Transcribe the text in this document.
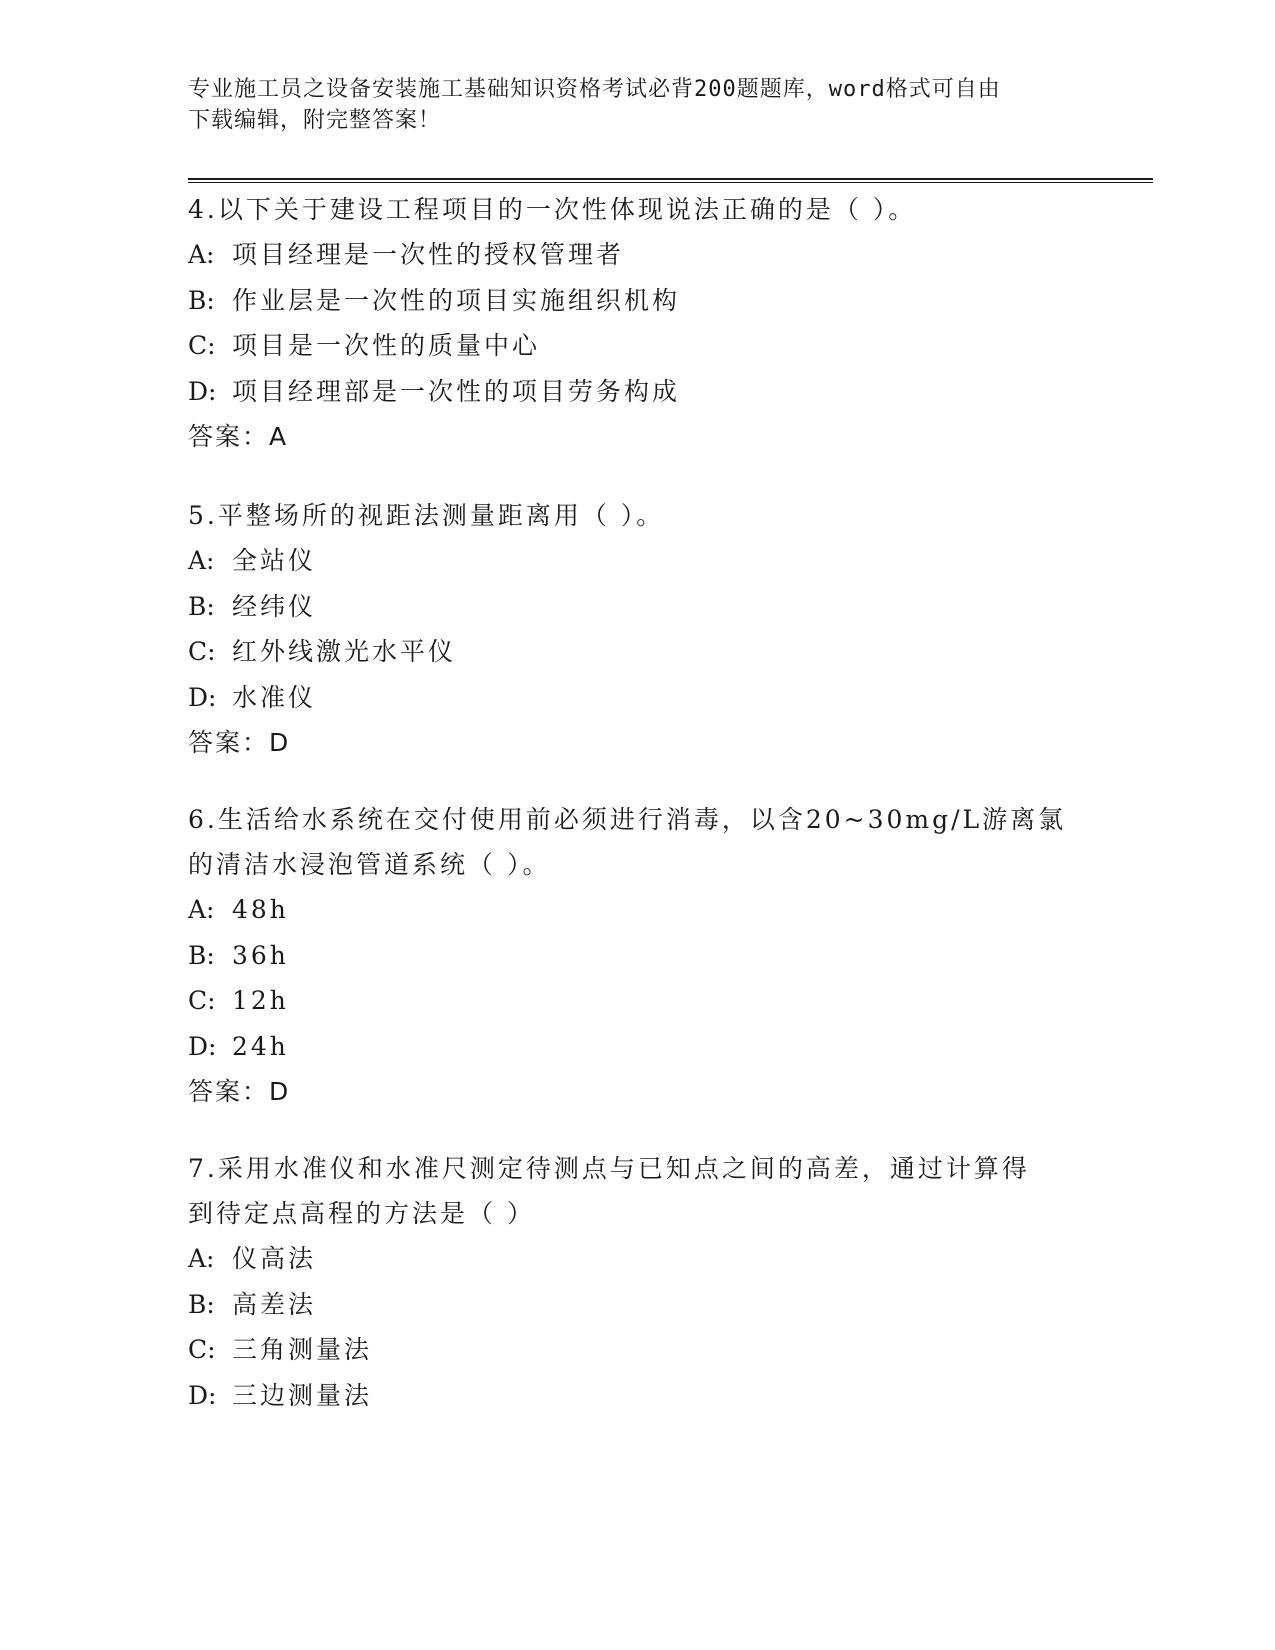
专业施工员之设备安装施工基础知识资格考试必背200题题库，word格式可自由
下载编辑，附完整答案！

4.以下关于建设工程项目的一次性体现说法正确的是（ ）。

A: 项目经理是一次性的授权管理者

B: 作业层是一次性的项目实施组织机构

C: 项目是一次性的质量中心

D: 项目经理部是一次性的项目劳务构成

答案：A

5.平整场所的视距法测量距离用（ ）。

A: 全站仪

B: 经纬仪

C: 红外线激光水平仪

D: 水准仪

答案：D

6.生活给水系统在交付使用前必须进行消毒，以含20~30mg/L游离氯

的清洁水浸泡管道系统（ ）。

A: 48h

B: 36h

C: 12h

D: 24h

答案：D

7.采用水准仪和水准尺测定待测点与已知点之间的高差，通过计算得

到待定点高程的方法是（ ）

A: 仪高法

B: 高差法

C: 三角测量法

D: 三边测量法
